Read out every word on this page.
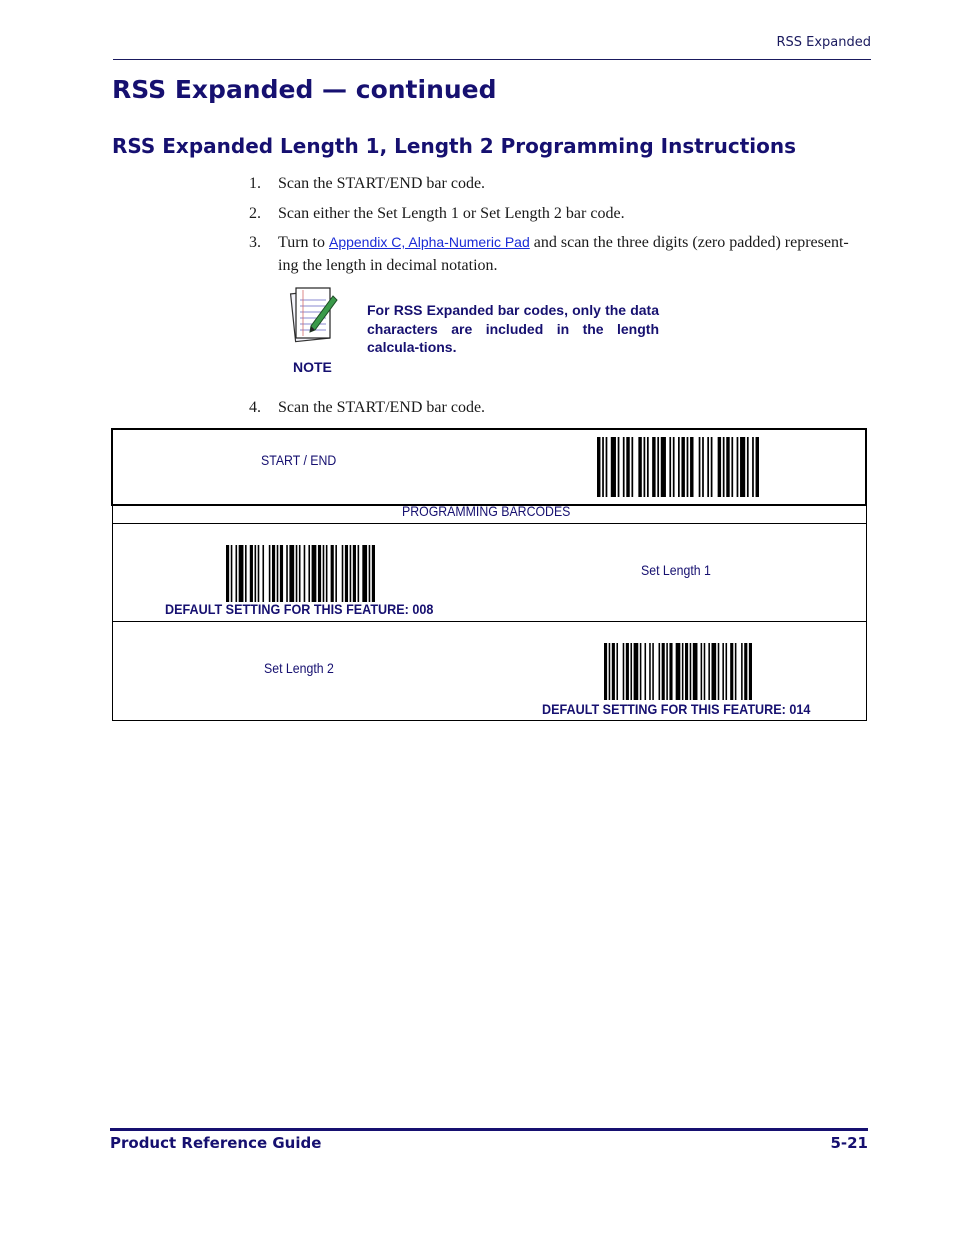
RSS Expanded
RSS Expanded — continued
RSS Expanded Length 1, Length 2 Programming Instructions
1. Scan the START/END bar code.
2. Scan either the Set Length 1 or Set Length 2 bar code.
3. Turn to Appendix C, Alpha-Numeric Pad and scan the three digits (zero padded) represent-ing the length in decimal notation.
NOTE
For RSS Expanded bar codes, only the data characters are included in the length calcula-tions.
4. Scan the START/END bar code.
START / END
PROGRAMMING BARCODES
DEFAULT SETTING FOR THIS FEATURE: 008
Set Length 1
Set Length 2
DEFAULT SETTING FOR THIS FEATURE: 014
Product Reference Guide	5-21
